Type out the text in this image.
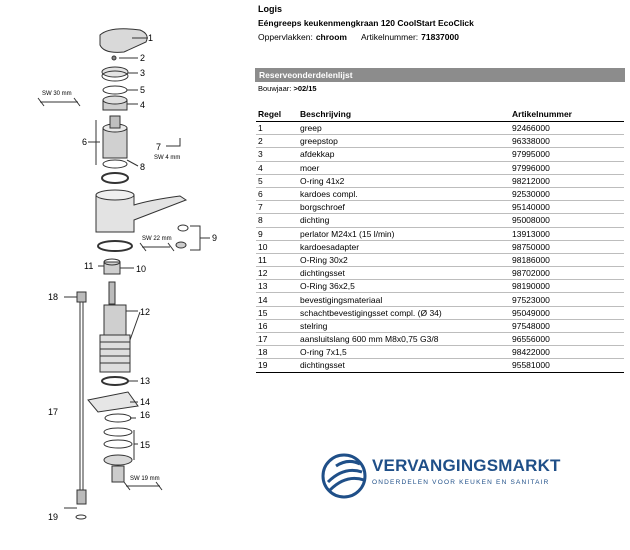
1
2
3
5
4
6	7
8
9
10
11
12
13
14
16
15
18
17
19
SW 30 mm
SW 4 mm
SW 22 mm
SW 19 mm
Logis
Eéngreeps keukenmengkraan 120 CoolStart EcoClick
Oppervlakken: chroom Artikelnummer: 71837000
Reserveonderdelenlijst
Bouwjaar: >02/15
Regel	Beschrijving	Artikelnummer
1	greep	92466000
2	greepstop	96338000
3	afdekkap	97995000
4	moer	97996000
5	O-ring 41x2	98212000
6	kardoes compl.	92530000
7	borgschroef	95140000
8	dichting	95008000
9	perlator M24x1 (15 l/min)	13913000
10	kardoesadapter	98750000
11	O-Ring 30x2	98186000
12	dichtingsset	98702000
13	O-Ring 36x2,5	98190000
14	bevestigingsmateriaal	97523000
15	schachtbevestigingsset compl. (Ø 34)	95049000
16	stelring	97548000
17	aansluitslang 600 mm M8x0,75 G3/8	96556000
18	O-ring 7x1,5	98422000
19	dichtingsset	95581000
VERVANGINGSMARKT
ONDERDELEN VOOR KEUKEN EN SANITAIR
